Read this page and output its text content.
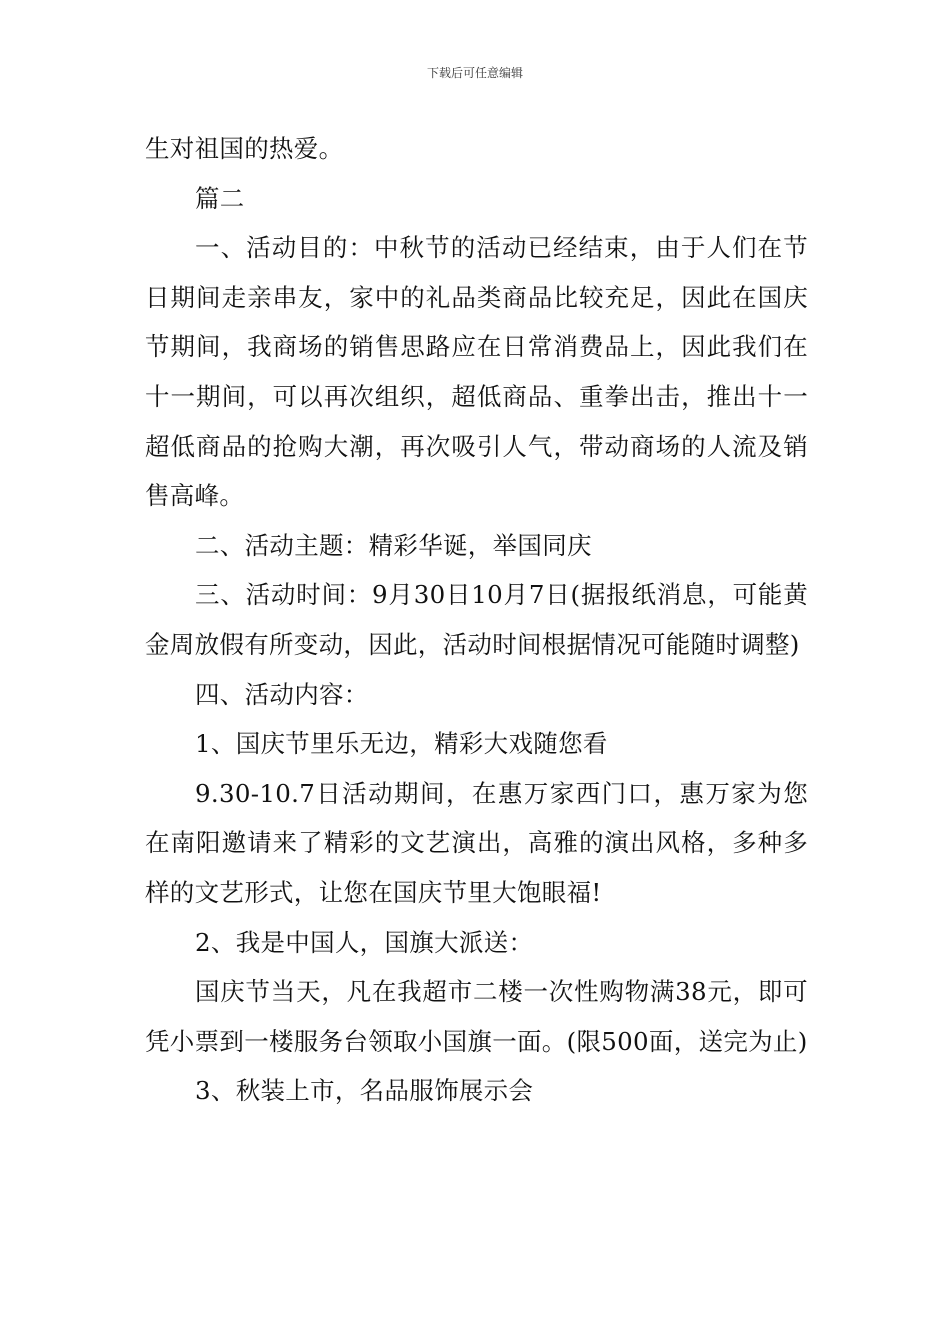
下载后可任意编辑

生对祖国的热爱。

篇二

一、活动目的：中秋节的活动已经结束，由于人们在节日期间走亲串友，家中的礼品类商品比较充足，因此在国庆节期间，我商场的销售思路应在日常消费品上，因此我们在十一期间，可以再次组织，超低商品、重拳出击，推出十一超低商品的抢购大潮，再次吸引人气，带动商场的人流及销售高峰。

二、活动主题：精彩华诞，举国同庆

三、活动时间：9月30日10月7日(据报纸消息，可能黄金周放假有所变动，因此，活动时间根据情况可能随时调整)

四、活动内容：

1、国庆节里乐无边，精彩大戏随您看

9.30-10.7日活动期间，在惠万家西门口，惠万家为您在南阳邀请来了精彩的文艺演出，高雅的演出风格，多种多样的文艺形式，让您在国庆节里大饱眼福!

2、我是中国人，国旗大派送：

国庆节当天，凡在我超市二楼一次性购物满38元，即可凭小票到一楼服务台领取小国旗一面。(限500面，送完为止)

3、秋装上市，名品服饰展示会
